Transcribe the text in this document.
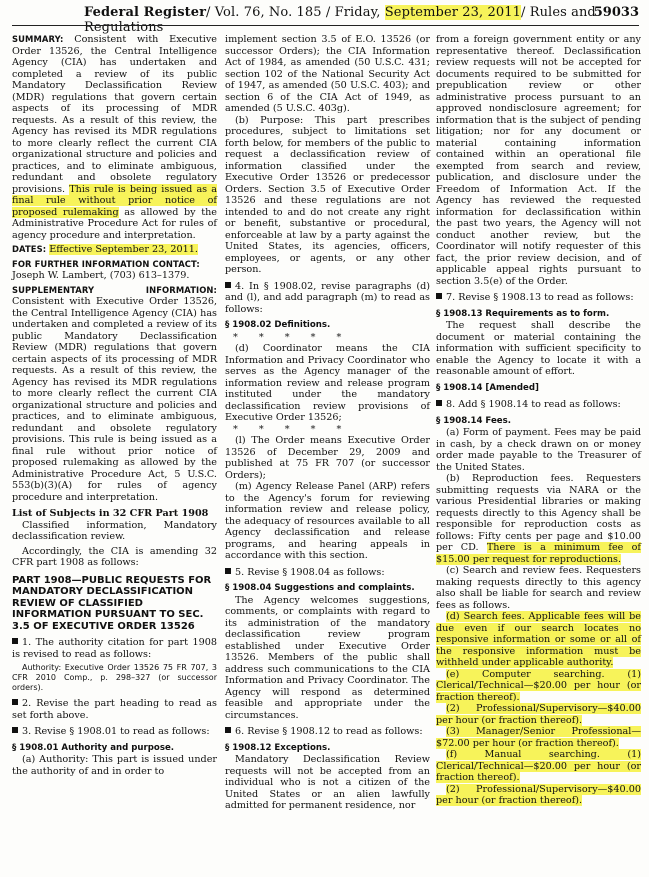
Federal Register/ Vol. 76, No. 185 / Friday, September 23, 2011/ Rules and Regulations
59033

SUMMARY: Consistent with Executive Order 13526, the Central Intelligence Agency (CIA) has undertaken and completed a review of its public Mandatory Declassification Review (MDR) regulations that govern certain aspects of its processing of MDR requests. As a result of this review, the Agency has revised its MDR regulations to more clearly reflect the current CIA organizational structure and policies and practices, and to eliminate ambiguous, redundant and obsolete regulatory provisions. This rule is being issued as a final rule without prior notice of proposed rulemaking as allowed by the Administrative Procedure Act for rules of agency procedure and interpretation.

DATES: Effective September 23, 2011.

FOR FURTHER INFORMATION CONTACT:
Joseph W. Lambert, (703) 613–1379.

SUPPLEMENTARY INFORMATION: Consistent with Executive Order 13526, the Central Intelligence Agency (CIA) has undertaken and completed a review of its public Mandatory Declassification Review (MDR) regulations that govern certain aspects of its processing of MDR requests. As a result of this review, the Agency has revised its MDR regulations to more clearly reflect the current CIA organizational structure and policies and practices, and to eliminate ambiguous, redundant and obsolete regulatory provisions. This rule is being issued as a final rule without prior notice of proposed rulemaking as allowed by the Administrative Procedure Act, 5 U.S.C. 553(b)(3)(A) for rules of agency procedure and interpretation.

List of Subjects in 32 CFR Part 1908

Classified information, Mandatory declassification review.

Accordingly, the CIA is amending 32 CFR part 1908 as follows:

PART 1908—PUBLIC REQUESTS FOR MANDATORY DECLASSIFICATION REVIEW OF CLASSIFIED INFORMATION PURSUANT TO SEC. 3.5 OF EXECUTIVE ORDER 13526

1. The authority citation for part 1908 is revised to read as follows:

Authority: Executive Order 13526 75 FR 707, 3 CFR 2010 Comp., p. 298–327 (or successor orders).

2. Revise the part heading to read as set forth above.

3. Revise § 1908.01 to read as follows:

§ 1908.01 Authority and purpose.

(a) Authority: This part is issued under the authority of and in order to

implement section 3.5 of E.O. 13526 (or successor Orders); the CIA Information Act of 1984, as amended (50 U.S.C. 431; section 102 of the National Security Act of 1947, as amended (50 U.S.C. 403); and section 6 of the CIA Act of 1949, as amended (5 U.S.C. 403g).

(b) Purpose: This part prescribes procedures, subject to limitations set forth below, for members of the public to request a declassification review of information classified under the Executive Order 13526 or predecessor Orders. Section 3.5 of Executive Order 13526 and these regulations are not intended to and do not create any right or benefit, substantive or procedural, enforceable at law by a party against the United States, its agencies, officers, employees, or agents, or any other person.

4. In § 1908.02, revise paragraphs (d) and (l), and add paragraph (m) to read as follows:

§ 1908.02 Definitions.

* * * * *

(d) Coordinator means the CIA Information and Privacy Coordinator who serves as the Agency manager of the information review and release program instituted under the mandatory declassification review provisions of Executive Order 13526;

* * * * *

(l) The Order means Executive Order 13526 of December 29, 2009 and published at 75 FR 707 (or successor Orders);

(m) Agency Release Panel (ARP) refers to the Agency's forum for reviewing information review and release policy, the adequacy of resources available to all Agency declassification and release programs, and hearing appeals in accordance with this section.

5. Revise § 1908.04 as follows:

§ 1908.04 Suggestions and complaints.

The Agency welcomes suggestions, comments, or complaints with regard to its administration of the mandatory declassification review program established under Executive Order 13526. Members of the public shall address such communications to the CIA Information and Privacy Coordinator. The Agency will respond as determined feasible and appropriate under the circumstances.

6. Revise § 1908.12 to read as follows:

§ 1908.12 Exceptions.

Mandatory Declassification Review requests will not be accepted from an individual who is not a citizen of the United States or an alien lawfully admitted for permanent residence, nor

from a foreign government entity or any representative thereof. Declassification review requests will not be accepted for documents required to be submitted for prepublication review or other administrative process pursuant to an approved nondisclosure agreement; for information that is the subject of pending litigation; nor for any document or material containing information contained within an operational file exempted from search and review, publication, and disclosure under the Freedom of Information Act. If the Agency has reviewed the requested information for declassification within the past two years, the Agency will not conduct another review, but the Coordinator will notify requester of this fact, the prior review decision, and of applicable appeal rights pursuant to section 3.5(e) of the Order.

7. Revise § 1908.13 to read as follows:

§ 1908.13 Requirements as to form.

The request shall describe the document or material containing the information with sufficient specificity to enable the Agency to locate it with a reasonable amount of effort.

§ 1908.14 [Amended]

8. Add § 1908.14 to read as follows:

§ 1908.14 Fees.

(a) Form of payment. Fees may be paid in cash, by a check drawn on or money order made payable to the Treasurer of the United States.

(b) Reproduction fees. Requesters submitting requests via NARA or the various Presidential libraries or making requests directly to this Agency shall be responsible for reproduction costs as follows: Fifty cents per page and $10.00 per CD. There is a minimum fee of $15.00 per request for reproductions.

(c) Search and review fees. Requesters making requests directly to this agency also shall be liable for search and review fees as follows.

(d) Search fees. Applicable fees will be due even if our search locates no responsive information or some or all of the responsive information must be withheld under applicable authority.

(e) Computer searching. (1) Clerical/Technical—$20.00 per hour (or fraction thereof).

(2) Professional/Supervisory—$40.00 per hour (or fraction thereof).

(3) Manager/Senior Professional—$72.00 per hour (or fraction thereof).

(f) Manual searching. (1) Clerical/Technical—$20.00 per hour (or fraction thereof).

(2) Professional/Supervisory—$40.00 per hour (or fraction thereof).
